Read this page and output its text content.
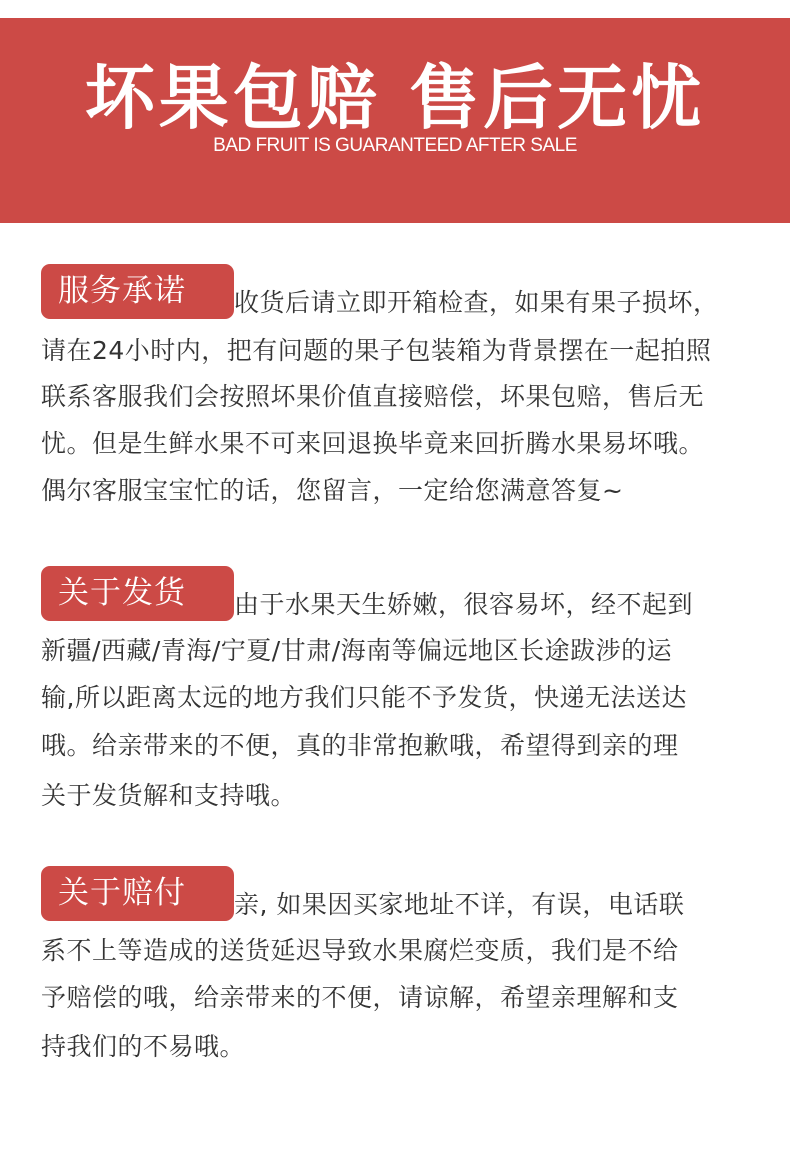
坏果包赔 售后无忧
BAD FRUIT IS GUARANTEED AFTER SALE
服务承诺	收货后请立即开箱检查，如果有果子损坏，
请在24小时内，把有问题的果子包装箱为背景摆在一起拍照
联系客服我们会按照坏果价值直接赔偿，坏果包赔，售后无
忧。但是生鲜水果不可来回退换毕竟来回折腾水果易坏哦。
偶尔客服宝宝忙的话，您留言，一定给您满意答复~
关于发货	由于水果天生娇嫩，很容易坏，经不起到
新疆/西藏/青海/宁夏/甘肃/海南等偏远地区长途跋涉的运
输,所以距离太远的地方我们只能不予发货，快递无法送达
哦。给亲带来的不便，真的非常抱歉哦，希望得到亲的理
关于发货解和支持哦。
关于赔付	亲, 如果因买家地址不详，有误，电话联
系不上等造成的送货延迟导致水果腐烂变质，我们是不给
予赔偿的哦，给亲带来的不便，请谅解，希望亲理解和支
持我们的不易哦。
